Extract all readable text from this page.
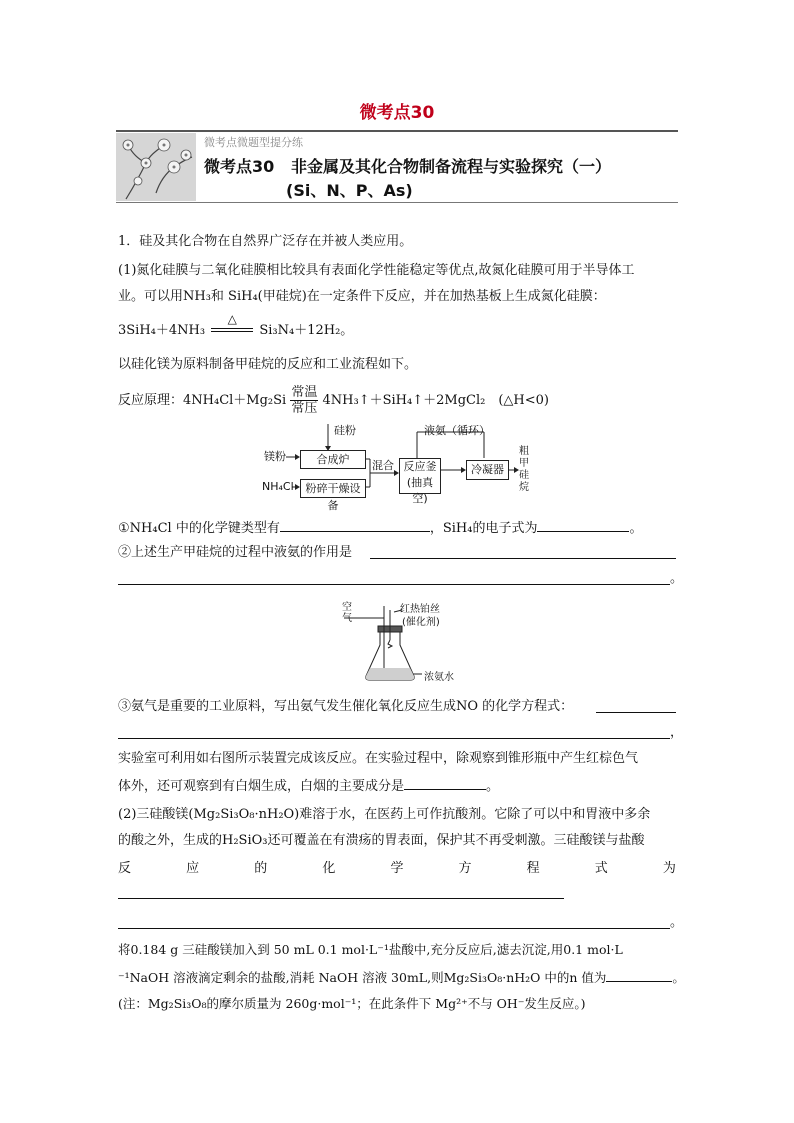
微考点30
微考点微题型提分练
微考点30 非金属及其化合物制备流程与实验探究（一）
(Si、N、P、As)
1．硅及其化合物在自然界广泛存在并被人类应用。
(1)氮化硅膜与二氧化硅膜相比较具有表面化学性能稳定等优点,故氮化硅膜可用于半导体工
业。可以用NH₃和 SiH₄(甲硅烷)在一定条件下反应，并在加热基板上生成氮化硅膜：
3SiH₄＋4NH₃
△
Si₃N₄＋12H₂。
以硅化镁为原料制备甲硅烷的反应和工业流程如下。
反应原理：4NH₄Cl＋Mg₂Si
常温
常压
4NH₃↑＋SiH₄↑＋2MgCl₂　(△H<0)
镁粉
硅粉
合成炉
NH₄Cl	粉碎干燥设备
混合 反应釜
(抽真空)
液氨（循环）
冷凝器
粗甲硅烷
①NH₄Cl 中的化学键类型有	，SiH₄的电子式为	。
②上述生产甲硅烷的过程中液氨的作用是
。
空气
红热铂丝
(催化剂)
浓氨水
③氨气是重要的工业原料，写出氨气发生催化氧化反应生成NO 的化学方程式：
，
实验室可利用如右图所示装置完成该反应。在实验过程中，除观察到锥形瓶中产生红棕色气
体外，还可观察到有白烟生成，白烟的主要成分是	。
(2)三硅酸镁(Mg₂Si₃O₈·nH₂O)难溶于水，在医药上可作抗酸剂。它除了可以中和胃液中多余
的酸之外，生成的H₂SiO₃还可覆盖在有溃疡的胃表面，保护其不再受刺激。三硅酸镁与盐酸
反	应	的	化	学	方	程	式	为
。
将0.184 g 三硅酸镁加入到 50 mL 0.1 mol·L⁻¹盐酸中,充分反应后,滤去沉淀,用0.1 mol·L
⁻¹NaOH 溶液滴定剩余的盐酸,消耗 NaOH 溶液 30mL,则Mg₂Si₃O₈·nH₂O 中的n 值为	。
(注：Mg₂Si₃O₈的摩尔质量为 260g·mol⁻¹；在此条件下 Mg²⁺不与 OH⁻发生反应。)
